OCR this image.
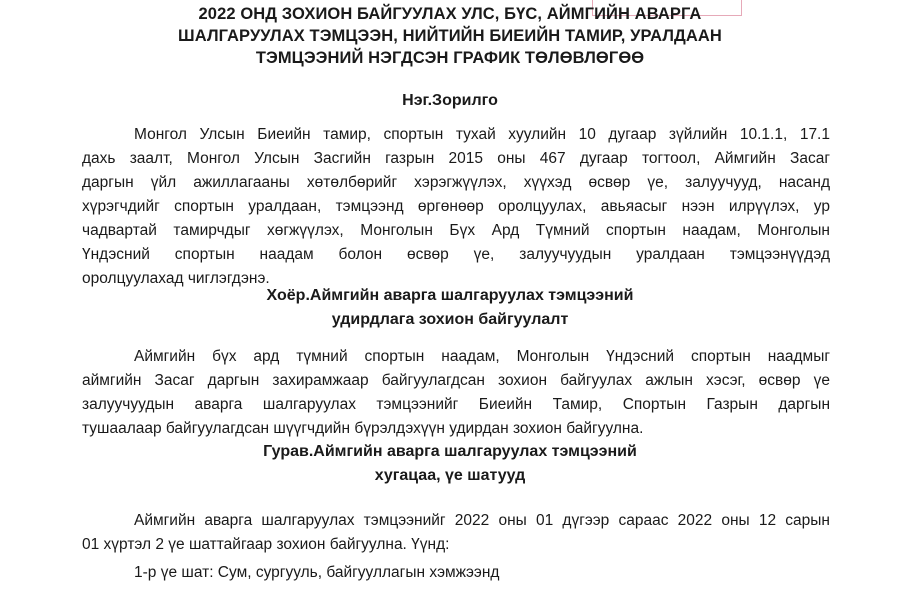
2022 ОНД ЗОХИОН БАЙГУУЛАХ УЛС, БҮС, АЙМГИЙН АВАРГА
ШАЛГАРУУЛАХ ТЭМЦЭЭН, НИЙТИЙН БИЕИЙН ТАМИР, УРАЛДААН
ТЭМЦЭЭНИЙ НЭГДСЭН ГРАФИК ТӨЛӨВЛӨГӨӨ
Нэг.Зорилго
Монгол Улсын Биеийн тамир, спортын тухай хуулийн 10 дугаар зүйлийн 10.1.1, 17.1
дахь заалт, Монгол Улсын Засгийн газрын 2015 оны 467 дугаар тогтоол, Аймгийн Засаг
даргын үйл ажиллагааны хөтөлбөрийг хэрэгжүүлэх, хүүхэд өсвөр үе, залуучууд, насанд
хүрэгчдийг спортын уралдаан, тэмцээнд өргөнөөр оролцуулах, авьяасыг нээн илрүүлэх, ур
чадвартай тамирчдыг хөгжүүлэх, Монголын Бүх Ард Түмний спортын наадам, Монголын
Үндэсний спортын наадам болон өсвөр үе, залуучуудын уралдаан тэмцээнүүдэд
оролцуулахад чиглэгдэнэ.
Хоёр.Аймгийн аварга шалгаруулах тэмцээний
удирдлага зохион байгуулалт
Аймгийн бүх ард түмний спортын наадам, Монголын Үндэсний спортын наадмыг
аймгийн Засаг даргын захирамжаар байгуулагдсан зохион байгуулах ажлын хэсэг, өсвөр үе
залуучуудын аварга шалгаруулах тэмцээнийг Биеийн Тамир, Спортын Газрын даргын
тушаалаар байгуулагдсан шүүгчдийн бүрэлдэхүүн удирдан зохион байгуулна.
Гурав.Аймгийн аварга шалгаруулах тэмцээний
хугацаа, үе шатууд
Аймгийн аварга шалгаруулах тэмцээнийг 2022 оны 01 дүгээр сараас 2022 оны 12 сарын
01 хүртэл 2 үе шаттайгаар зохион байгуулна. Үүнд:
1-р үе шат: Сум, сургууль, байгууллагын хэмжээнд
